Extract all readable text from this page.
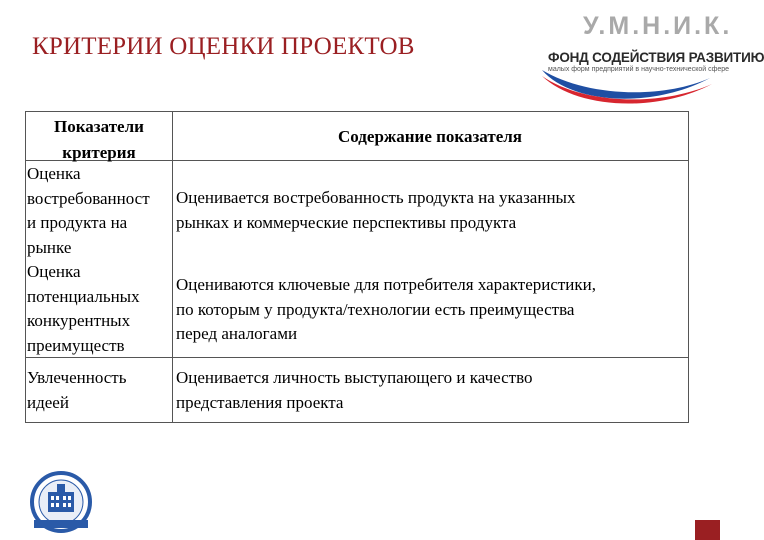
КРИТЕРИИ ОЦЕНКИ ПРОЕКТОВ
У.М.Н.И.К.
ФОНД СОДЕЙСТВИЯ РАЗВИТИЮ
малых форм предприятий в научно-технической сфере
Показатели
критерия
Содержание показателя
Оценка
востребованност
и продукта на
рынке
Оценивается востребованность продукта на указанных
рынках и коммерческие перспективы продукта
Оценка
потенциальных
конкурентных
преимуществ
Оцениваются ключевые для потребителя характеристики,
по которым у продукта/технологии есть преимущества
перед аналогами
Увлеченность
идеей
Оценивается личность выступающего и качество
представления проекта
